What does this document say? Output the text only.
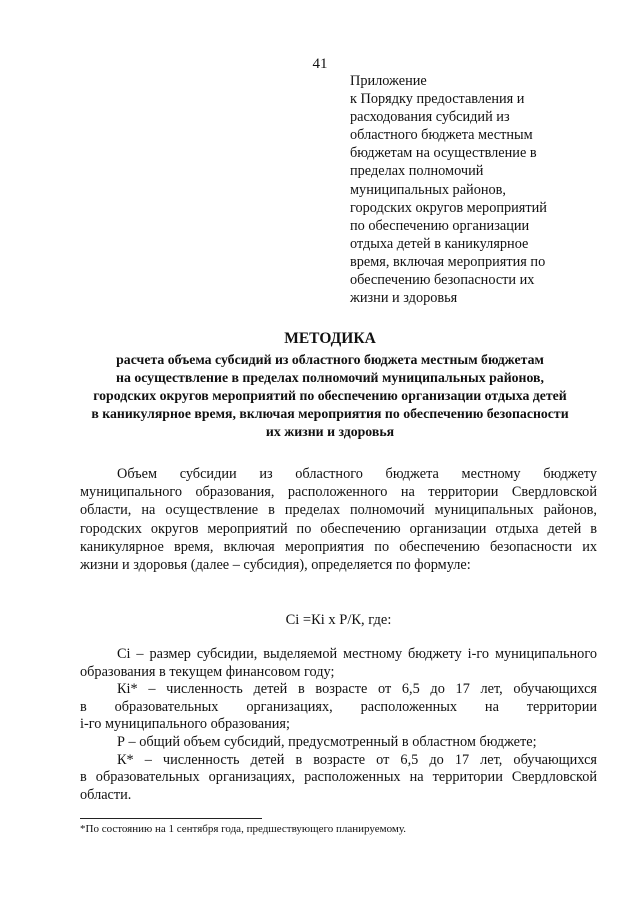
41
Приложение
к Порядку предоставления и
расходования субсидий из
областного бюджета местным
бюджетам на осуществление в
пределах полномочий
муниципальных районов,
городских округов мероприятий
по обеспечению организации
отдыха детей в каникулярное
время, включая мероприятия по
обеспечению безопасности их
жизни и здоровья
МЕТОДИКА
расчета объема субсидий из областного бюджета местным бюджетам
на осуществление в пределах полномочий муниципальных районов,
городских округов мероприятий по обеспечению организации отдыха детей
в каникулярное время, включая мероприятия по обеспечению безопасности
их жизни и здоровья
Объем субсидии из областного бюджета местному бюджету
муниципального образования, расположенного на территории Свердловской
области, на осуществление в пределах полномочий муниципальных районов,
городских округов мероприятий по обеспечению организации отдыха детей в
каникулярное время, включая мероприятия по обеспечению безопасности их
жизни и здоровья (далее – субсидия), определяется по формуле:
Сi =Кi х Р/К, где:
Сi – размер субсидии, выделяемой местному бюджету i-го муниципального
образования в текущем финансовом году;
Кi* – численность детей в возрасте от 6,5 до 17 лет, обучающихся
в образовательных организациях, расположенных на территории
i-го муниципального образования;
Р – общий объем субсидий, предусмотренный в областном бюджете;
К* – численность детей в возрасте от 6,5 до 17 лет, обучающихся
в образовательных организациях, расположенных на территории Свердловской
области.
*По состоянию на 1 сентября года, предшествующего планируемому.
